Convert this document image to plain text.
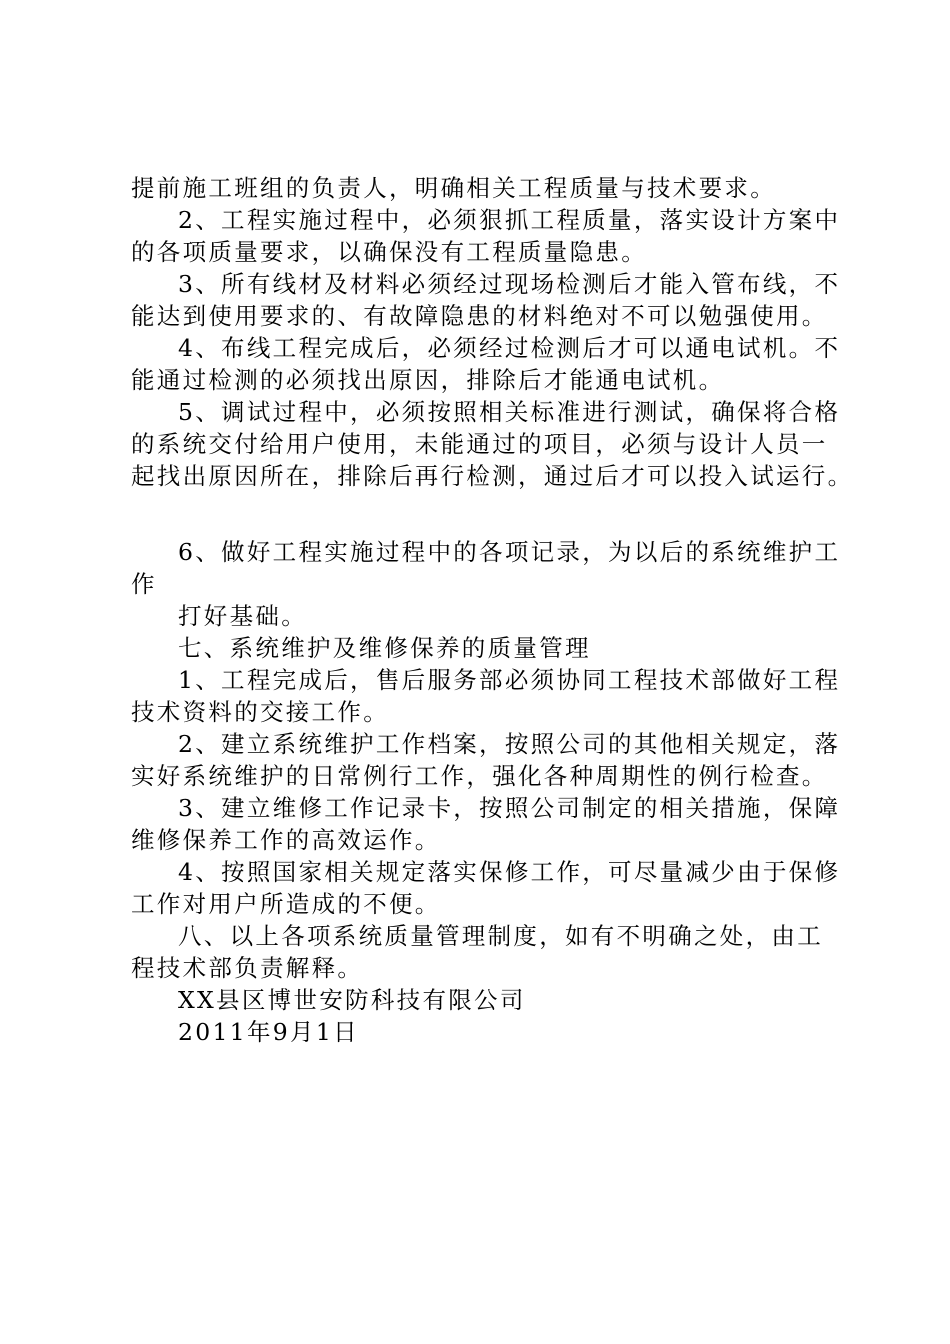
提前施工班组的负责人，明确相关工程质量与技术要求。
2、工程实施过程中，必须狠抓工程质量，落实设计方案中
的各项质量要求，以确保没有工程质量隐患。
3、所有线材及材料必须经过现场检测后才能入管布线，不
能达到使用要求的、有故障隐患的材料绝对不可以勉强使用。
4、布线工程完成后，必须经过检测后才可以通电试机。不
能通过检测的必须找出原因，排除后才能通电试机。
5、调试过程中，必须按照相关标准进行测试，确保将合格
的系统交付给用户使用，未能通过的项目，必须与设计人员一
起找出原因所在，排除后再行检测，通过后才可以投入试运行。
6、做好工程实施过程中的各项记录，为以后的系统维护工
作
打好基础。
七、系统维护及维修保养的质量管理
1、工程完成后，售后服务部必须协同工程技术部做好工程
技术资料的交接工作。
2、建立系统维护工作档案，按照公司的其他相关规定，落
实好系统维护的日常例行工作，强化各种周期性的例行检查。
3、建立维修工作记录卡，按照公司制定的相关措施，保障
维修保养工作的高效运作。
4、按照国家相关规定落实保修工作，可尽量减少由于保修
工作对用户所造成的不便。
八、以上各项系统质量管理制度，如有不明确之处，由工
程技术部负责解释。
XX县区博世安防科技有限公司
2011年9月1日
